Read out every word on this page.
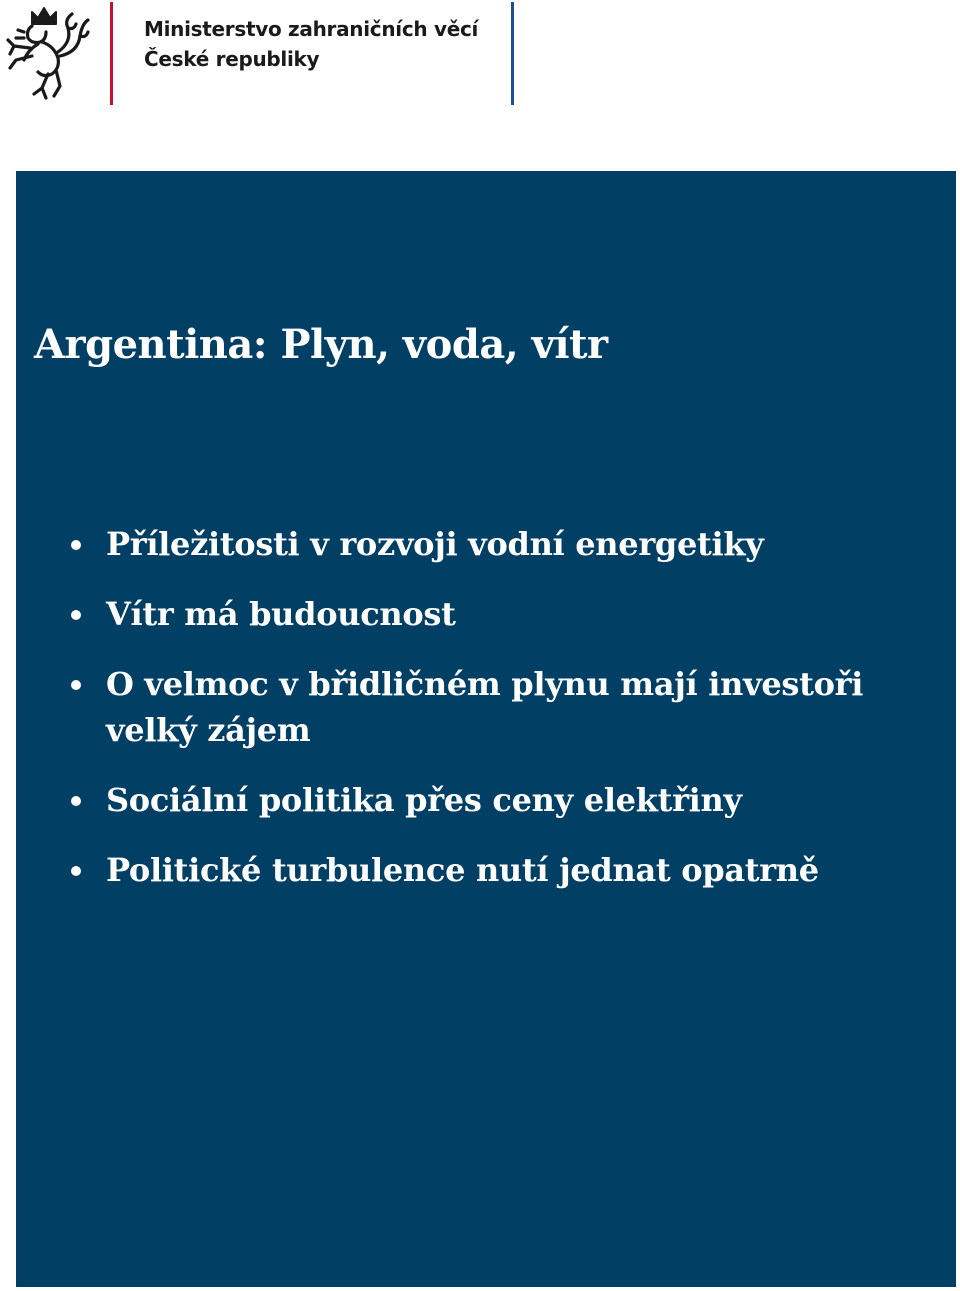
Ministerstvo zahraničních věcí
České republiky
Argentina: Plyn, voda, vítr
Příležitosti v rozvoji vodní energetiky
Vítr má budoucnost
O velmoc v břidličném plynu mají investoři velký zájem
Sociální politika přes ceny elektřiny
Politické turbulence nutí jednat opatrně
